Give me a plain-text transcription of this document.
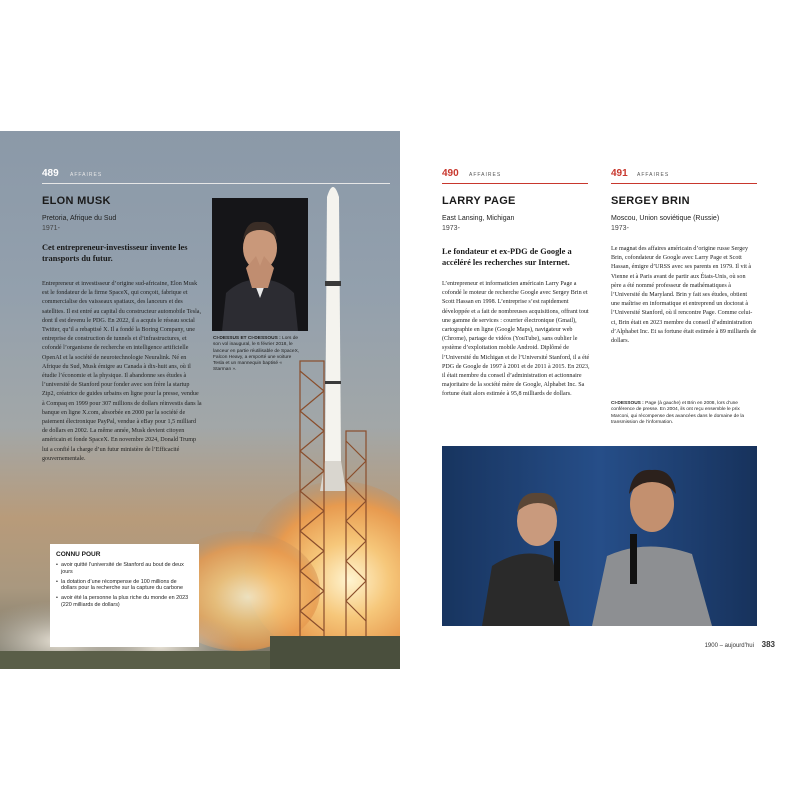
489 AFFAIRES
ELON MUSK
Pretoria, Afrique du Sud
1971-
Cet entrepreneur-investisseur invente les transports du futur.
Entrepreneur et investisseur d’origine sud-africaine, Elon Musk est le fondateur de la firme SpaceX, qui conçoit, fabrique et commercialise des vaisseaux spatiaux, des lanceurs et des satellites. Il est entré au capital du constructeur automobile Tesla, dont il est devenu le PDG. En 2022, il a acquis le réseau social Twitter, qu’il a rebaptisé X. Il a fondé la Boring Company, une entreprise de construction de tunnels et d’infrastructures, et cofondé l’organisme de recherche en intelligence artificielle OpenAI et la société de neurotechnologie Neuralink. Né en Afrique du Sud, Musk émigre au Canada à dix-huit ans, où il étudie l’économie et la physique. Il abandonne ses études à l’université de Stanford pour fonder avec son frère la startup Zip2, créatrice de guides urbains en ligne pour la presse, vendue à Compaq en 1999 pour 307 millions de dollars réinvestis dans la banque en ligne X.com, absorbée en 2000 par la société de paiement électronique PayPal, vendue à eBay pour 1,5 milliard de dollars en 2002. La même année, Musk devient citoyen américain et fonde SpaceX. En novembre 2024, Donald Trump lui a confié la charge d’un futur ministère de l’Efficacité gouvernementale.
CI-DESSUS ET CI-DESSOUS : Lors de son vol inaugural, le 6 février 2018, le lanceur en partie réutilisable de SpaceX, Falcon Heavy, a emporté une voiture Tesla et un mannequin baptisé « Starman ».
CONNU POUR
• avoir quitté l’université de Stanford au bout de deux jours
• la dotation d’une récompense de 100 millions de dollars pour la recherche sur la capture du carbone
• avoir été la personne la plus riche du monde en 2023 (220 milliards de dollars)
490 AFFAIRES
LARRY PAGE
East Lansing, Michigan
1973-
Le fondateur et ex-PDG de Google a accéléré les recherches sur Internet.
L’entrepreneur et informaticien américain Larry Page a cofondé le moteur de recherche Google avec Sergey Brin et Scott Hassan en 1998. L’entreprise s’est rapidement développée et a fait de nombreuses acquisitions, offrant tout une gamme de services : courrier électronique (Gmail), cartographie en ligne (Google Maps), navigateur web (Chrome), partage de vidéos (YouTube), sans oublier le système d’exploitation mobile Android. Diplômé de l’Université du Michigan et de l’Université Stanford, il a été PDG de Google de 1997 à 2001 et de 2011 à 2015. En 2023, il était membre du conseil d’administration et actionnaire majoritaire de la société mère de Google, Alphabet Inc. Sa fortune était alors estimée à 95,8 milliards de dollars.
491 AFFAIRES
SERGEY BRIN
Moscou, Union soviétique (Russie)
1973-
Le magnat des affaires américain d’origine russe Sergey Brin, cofondateur de Google avec Larry Page et Scott Hassan, émigre d’URSS avec ses parents en 1979. Il vit à Vienne et à Paris avant de partir aux États-Unis, où son père a été nommé professeur de mathématiques à l’Université du Maryland. Brin y fait ses études, obtient une maîtrise en informatique et entreprend un doctorat à l’Université Stanford, où il rencontre Page. Comme celui-ci, Brin était en 2023 membre du conseil d’administration d’Alphabet Inc. Et sa fortune était estimée à 89 milliards de dollars.
CI-DESSOUS : Page (à gauche) et Brin en 2008, lors d’une conférence de presse. En 2004, ils ont reçu ensemble le prix Marconi, qui récompense des avancées dans le domaine de la transmission de l’information.
1900 – aujourd’hui 383
